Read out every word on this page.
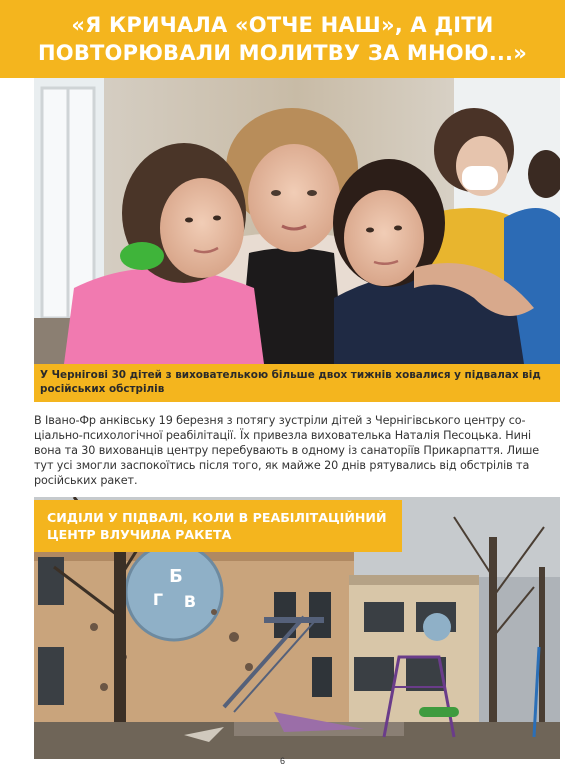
«Я КРИЧАЛА «ОТЧЕ НАШ», А ДІТИ
ПОВТОРЮВАЛИ МОЛИТВУ ЗА МНОЮ...»
У Чернігові 30 дітей з вихователькою більше двох тижнів ховалися у підвалах від російських обстрілів
В Івано-Фр анківську 19 березня з потягу зустріли дітей з Чернігівського центру со-
ціально-психологічної реабілітації. Їх привезла вихователька Наталія Песоцька. Нині
вона та 30 вихованців центру перебувають в одному із санаторіїв Прикарпаття. Лише
тут усі змогли заспокоїтись після того, як майже 20 днів рятувались від обстрілів та
російських ракет.
Б
Г В
СИДІЛИ У ПІДВАЛІ, КОЛИ В РЕАБІЛІТАЦІЙНИЙ
ЦЕНТР ВЛУЧИЛА РАКЕТА
6
